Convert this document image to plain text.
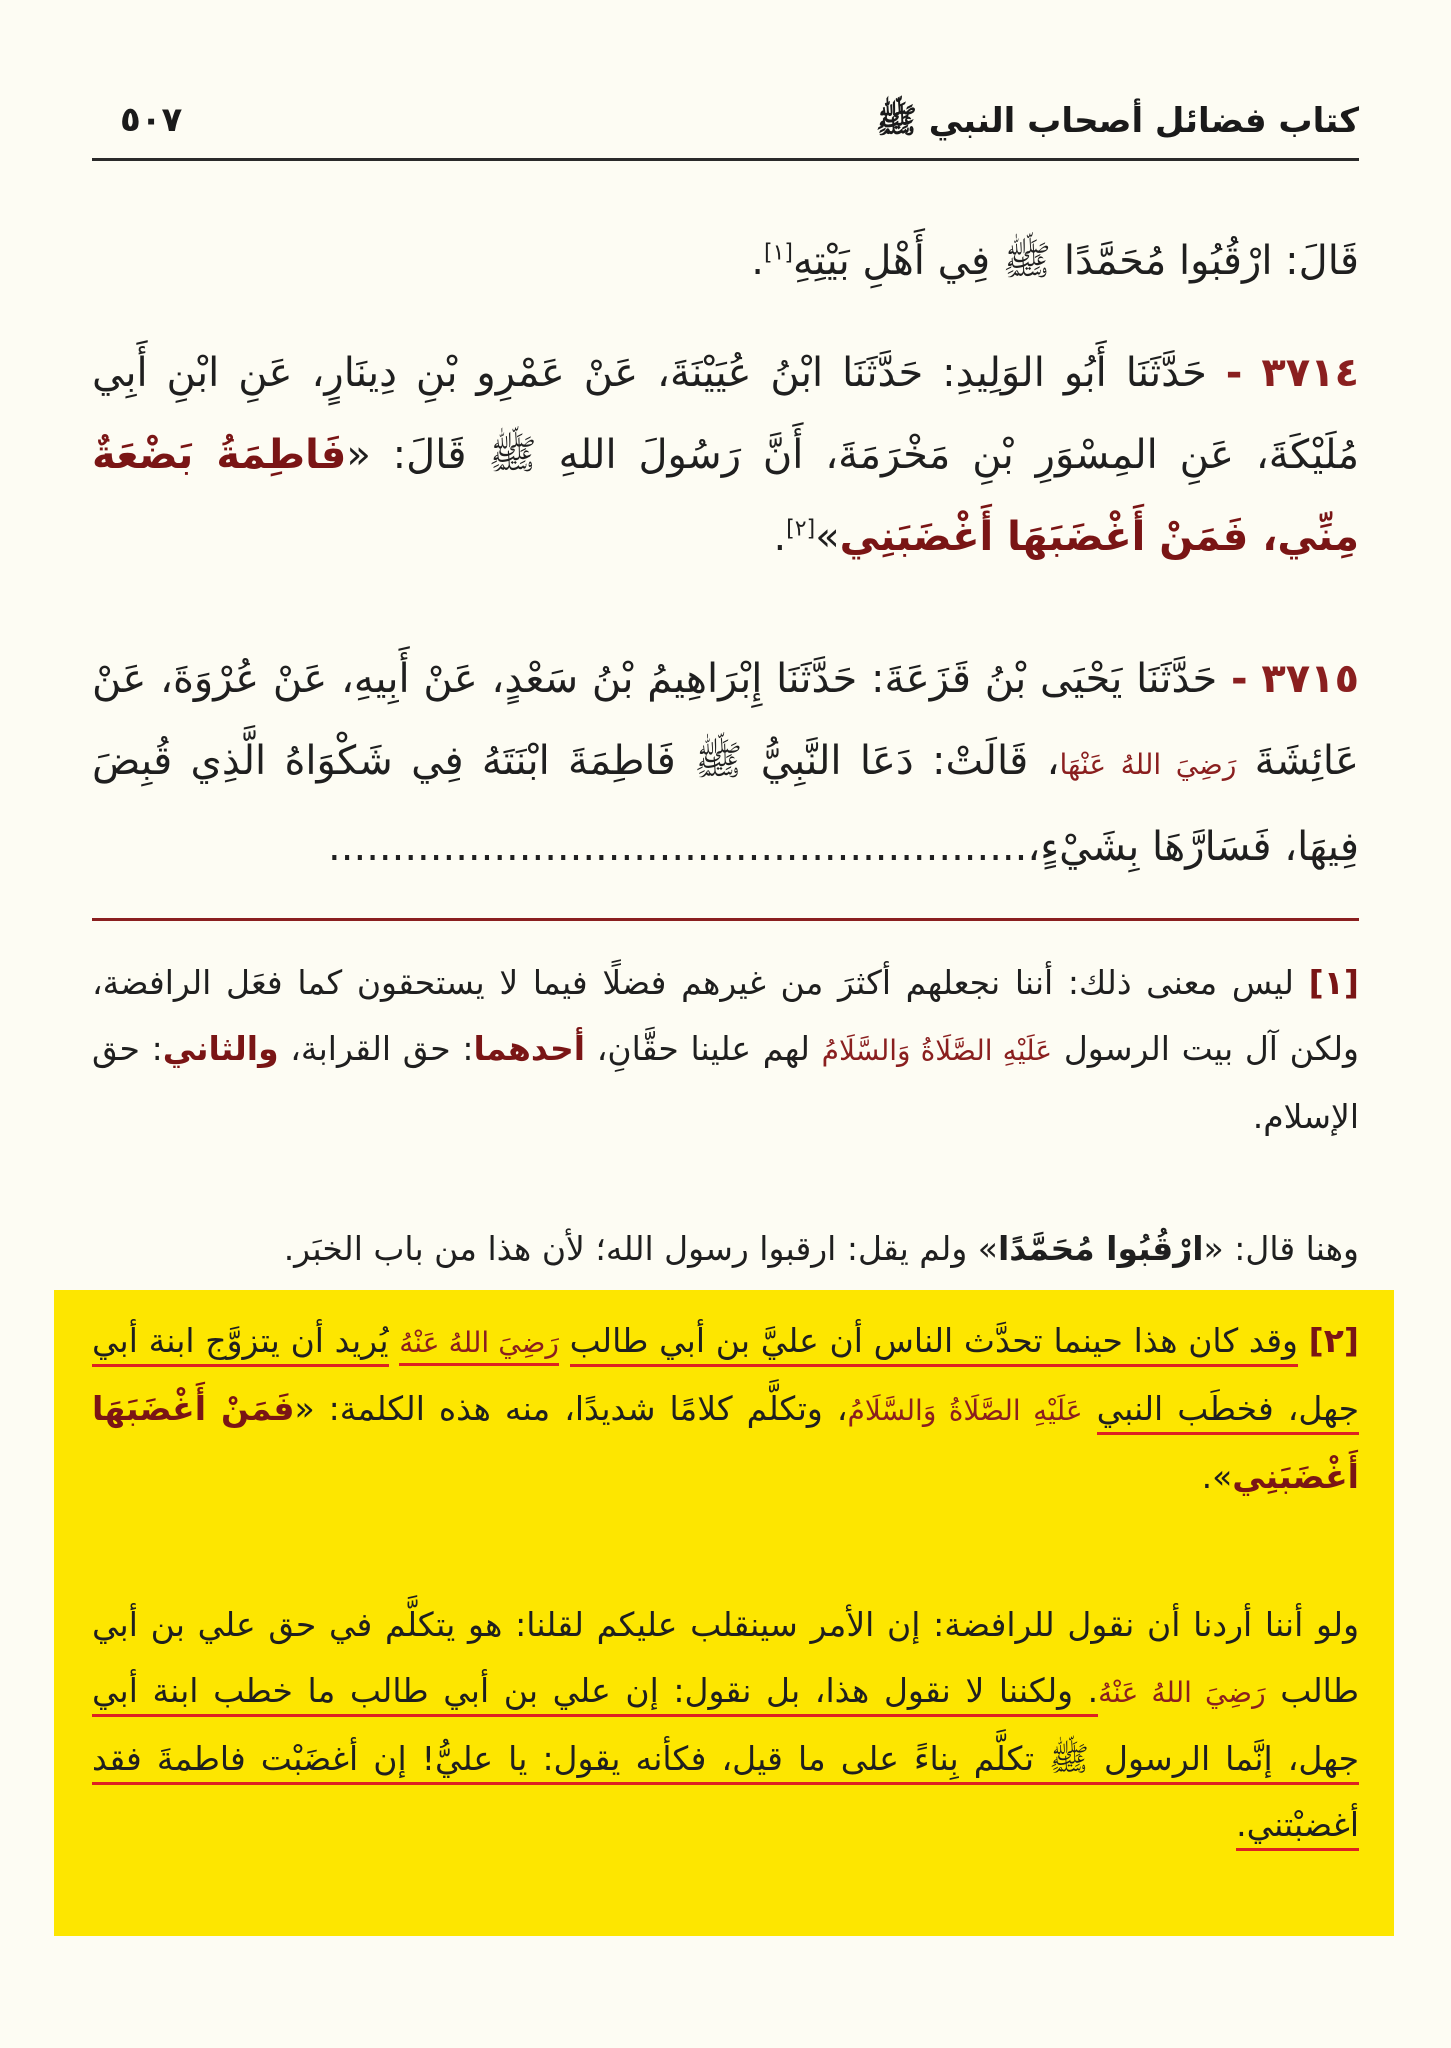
كتاب فضائل أصحاب النبي ﷺ
٥٠٧
قَالَ: ارْقُبُوا مُحَمَّدًا ﷺ فِي أَهْلِ بَيْتِهِ[١].
٣٧١٤ - حَدَّثَنَا أَبُو الوَلِيدِ: حَدَّثَنَا ابْنُ عُيَيْنَةَ، عَنْ عَمْرِو بْنِ دِينَارٍ، عَنِ ابْنِ أَبِي مُلَيْكَةَ، عَنِ المِسْوَرِ بْنِ مَخْرَمَةَ، أَنَّ رَسُولَ اللهِ ﷺ قَالَ: «فَاطِمَةُ بَضْعَةٌ مِنِّي، فَمَنْ أَغْضَبَهَا أَغْضَبَنِي»[٢].
٣٧١٥ - حَدَّثَنَا يَحْيَى بْنُ قَزَعَةَ: حَدَّثَنَا إِبْرَاهِيمُ بْنُ سَعْدٍ، عَنْ أَبِيهِ، عَنْ عُرْوَةَ، عَنْ عَائِشَةَ رَضِيَ اللهُ عَنْهَا، قَالَتْ: دَعَا النَّبِيُّ ﷺ فَاطِمَةَ ابْنَتَهُ فِي شَكْوَاهُ الَّذِي قُبِضَ فِيهَا، فَسَارَّهَا بِشَيْءٍ،.......................................................
[١] ليس معنى ذلك: أننا نجعلهم أكثرَ من غيرهم فضلًا فيما لا يستحقون كما فعَل الرافضة، ولكن آل بيت الرسول عَلَيْهِ الصَّلَاةُ وَالسَّلَامُ لهم علينا حقَّانِ، أحدهما: حق القرابة، والثاني: حق الإسلام.
وهنا قال: «ارْقُبُوا مُحَمَّدًا» ولم يقل: ارقبوا رسول الله؛ لأن هذا من باب الخبَر.
[٢] وقد كان هذا حينما تحدَّث الناس أن عليَّ بن أبي طالب رَضِيَ اللهُ عَنْهُ يُريد أن يتزوَّج ابنة أبي جهل، فخطَب النبي عَلَيْهِ الصَّلَاةُ وَالسَّلَامُ، وتكلَّم كلامًا شديدًا، منه هذه الكلمة: «فَمَنْ أَغْضَبَهَا أَغْضَبَنِي».
ولو أننا أردنا أن نقول للرافضة: إن الأمر سينقلب عليكم لقلنا: هو يتكلَّم في حق علي بن أبي طالب رَضِيَ اللهُ عَنْهُ. ولكننا لا نقول هذا، بل نقول: إن علي بن أبي طالب ما خطب ابنة أبي جهل، إنَّما الرسول ﷺ تكلَّم بِناءً على ما قيل، فكأنه يقول: يا عليُّ! إن أغضَبْت فاطمةَ فقد أغضبْتني.
